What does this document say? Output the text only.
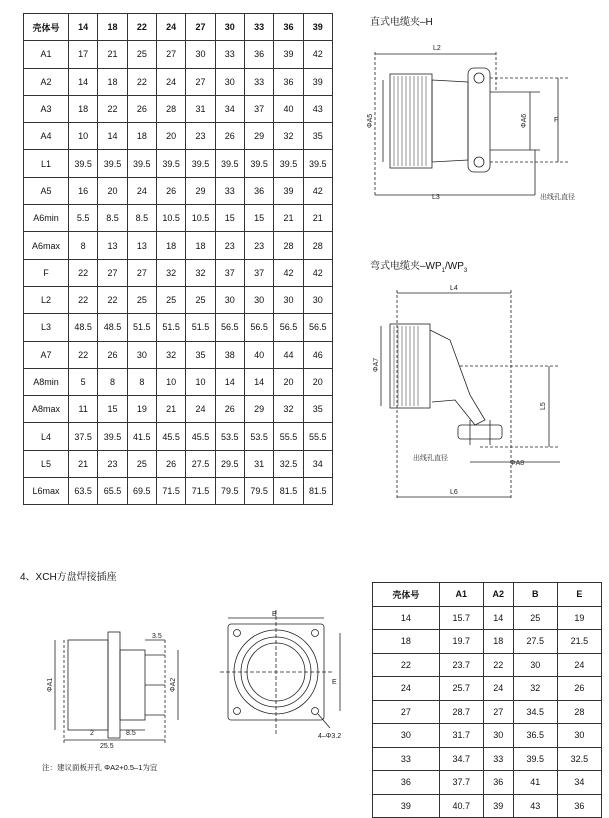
壳体号	14	18	22	24	27	30	33	36	39
A1	17	21	25	27	30	33	36	39	42
A2	14	18	22	24	27	30	33	36	39
A3	18	22	26	28	31	34	37	40	43
A4	10	14	18	20	23	26	29	32	35
L1	39.5	39.5	39.5	39.5	39.5	39.5	39.5	39.5	39.5
A5	16	20	24	26	29	33	36	39	42
A6min	5.5	8.5	8.5	10.5	10.5	15	15	21	21
A6max	8	13	13	18	18	23	23	28	28
F	22	27	27	32	32	37	37	42	42
L2	22	22	25	25	25	30	30	30	30
L3	48.5	48.5	51.5	51.5	51.5	56.5	56.5	56.5	56.5
A7	22	26	30	32	35	38	40	44	46
A8min	5	8	8	10	10	14	14	20	20
A8max	11	15	19	21	24	26	29	32	35
L4	37.5	39.5	41.5	45.5	45.5	53.5	53.5	55.5	55.5
L5	21	23	25	26	27.5	29.5	31	32.5	34
L6max	63.5	65.5	69.5	71.5	71.5	79.5	79.5	81.5	81.5
壳体号	A1	A2	B	E
14	15.7	14	25	19
18	19.7	18	27.5	21.5
22	23.7	22	30	24
24	25.7	24	32	26
27	28.7	27	34.5	28
30	31.7	30	36.5	30
33	34.7	33	39.5	32.5
36	37.7	36	41	34
39	40.7	39	43	36
直式电缆夹–H
弯式电缆夹$-WP_1/WP_3$
4、XCH方盘焊接插座
注：建议面板开孔 ΦA2+0.5–1为宜
L2
ΦA5	ΦA6	F
L3	出线孔直径
L4
ΦA7
L5
出线孔直径
ΦA8
L6
3.5
ΦA1	ΦA2
2	8.5
25.5
B
E
4–Φ3.2
